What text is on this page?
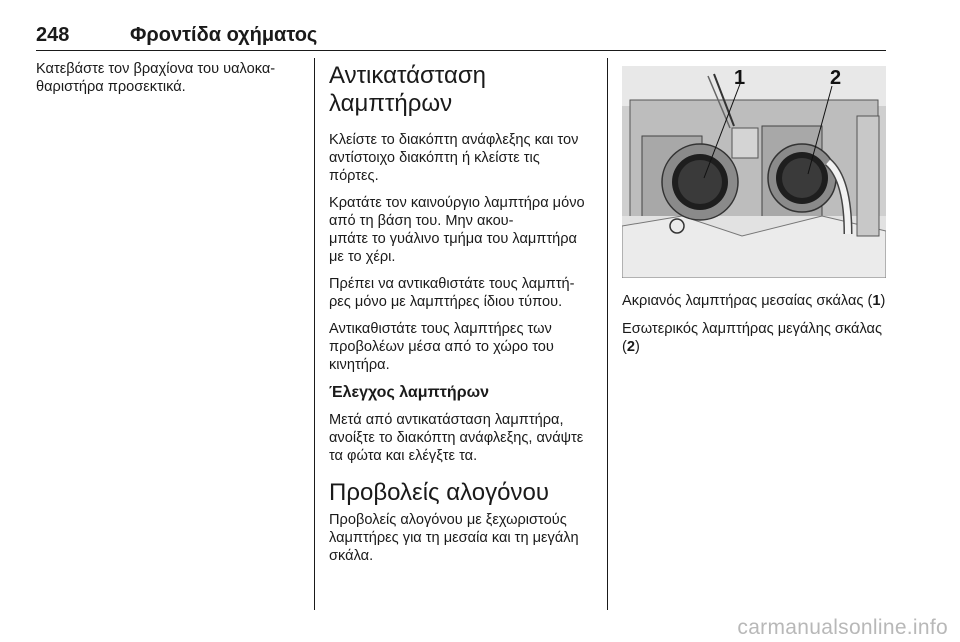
248	Φροντίδα οχήματος

Κατεβάστε τον βραχίονα του υαλοκα-
θαριστήρα προσεκτικά.	Αντικατάσταση
λαμπτήρων

Κλείστε το διακόπτη ανάφλεξης και τον αντίστοιχο διακόπτη ή κλείστε τις πόρτες.

Κρατάτε τον καινούργιο λαμπτήρα μόνο από τη βάση του. Μην ακου-
μπάτε το γυάλινο τμήμα του λαμπτήρα με το χέρι.

Πρέπει να αντικαθιστάτε τους λαμπτή-
ρες μόνο με λαμπτήρες ίδιου τύπου.

Αντικαθιστάτε τους λαμπτήρες των προβολέων μέσα από το χώρο του κινητήρα.

Έλεγχος λαμπτήρων

Μετά από αντικατάσταση λαμπτήρα, ανοίξτε το διακόπτη ανάφλεξης, ανάψτε τα φώτα και ελέγξτε τα.

Προβολείς αλογόνου

Προβολείς αλογόνου με ξεχωριστούς λαμπτήρες για τη μεσαία και τη μεγάλη σκάλα.

1	2

Ακριανός λαμπτήρας μεσαίας σκάλας (1)

Εσωτερικός λαμπτήρας μεγάλης σκάλας (2)

carmanualsonline.info
